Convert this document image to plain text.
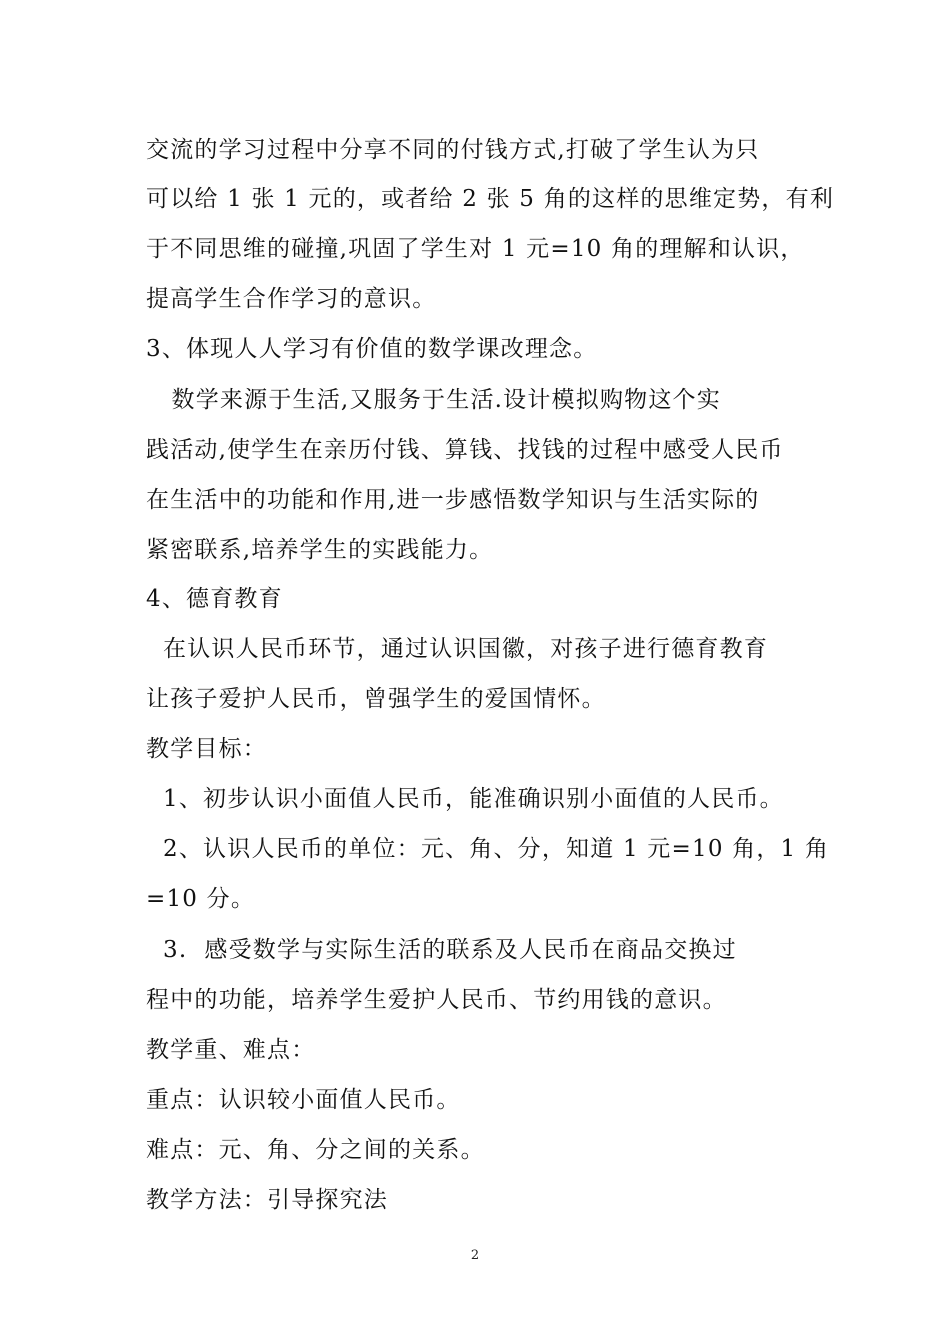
交流的学习过程中分享不同的付钱方式,打破了学生认为只
可以给 1 张 1 元的，或者给 2 张 5 角的这样的思维定势，有利
于不同思维的碰撞,巩固了学生对 1 元=10 角的理解和认识，
提高学生合作学习的意识。
3、体现人人学习有价值的数学课改理念。
数学来源于生活,又服务于生活.设计模拟购物这个实
践活动,使学生在亲历付钱、算钱、找钱的过程中感受人民币
在生活中的功能和作用,进一步感悟数学知识与生活实际的
紧密联系,培养学生的实践能力。
4、德育教育
在认识人民币环节，通过认识国徽，对孩子进行德育教育
让孩子爱护人民币，曾强学生的爱国情怀。
教学目标：
1、初步认识小面值人民币，能准确识别小面值的人民币。
2、认识人民币的单位：元、角、分，知道 1 元=10 角，1 角
=10 分。
3.  感受数学与实际生活的联系及人民币在商品交换过
程中的功能，培养学生爱护人民币、节约用钱的意识。
教学重、难点：
重点：认识较小面值人民币。
难点：元、角、分之间的关系。
教学方法：引导探究法
2
